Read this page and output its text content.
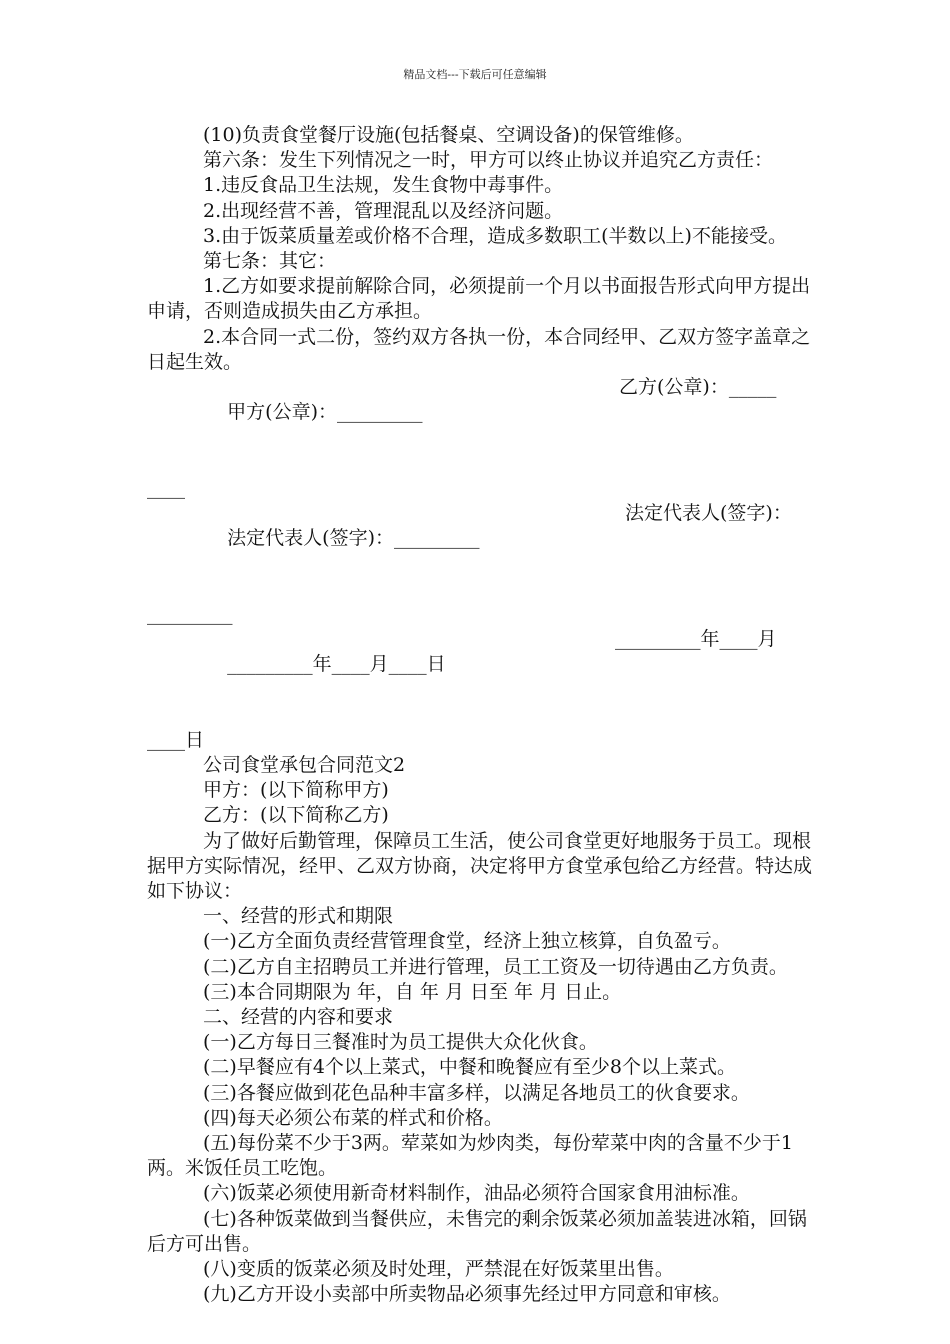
精品文档---下载后可任意编辑

(10)负责食堂餐厅设施(包括餐桌、空调设备)的保管维修。

第六条：发生下列情况之一时，甲方可以终止协议并追究乙方责任：

1.违反食品卫生法规，发生食物中毒事件。

2.出现经营不善，管理混乱以及经济问题。

3.由于饭菜质量差或价格不合理，造成多数职工(半数以上)不能接受。

第七条：其它：

1.乙方如要求提前解除合同，必须提前一个月以书面报告形式向甲方提出申请，否则造成损失由乙方承担。

2.本合同一式二份，签约双方各执一份，本合同经甲、乙双方签字盖章之日起生效。

甲方(公章)：_________

乙方(公章)：_____

____

法定代表人(签字)：_________

法定代表人(签字)：

_________

_________年____月____日

_________年____月

____日

公司食堂承包合同范文2

甲方：(以下简称甲方)

乙方：(以下简称乙方)

为了做好后勤管理，保障员工生活，使公司食堂更好地服务于员工。现根据甲方实际情况，经甲、乙双方协商，决定将甲方食堂承包给乙方经营。特达成如下协议：

一、经营的形式和期限

(一)乙方全面负责经营管理食堂，经济上独立核算，自负盈亏。

(二)乙方自主招聘员工并进行管理，员工工资及一切待遇由乙方负责。

(三)本合同期限为 年，自 年 月 日至 年 月 日止。

二、经营的内容和要求

(一)乙方每日三餐准时为员工提供大众化伙食。

(二)早餐应有4个以上菜式，中餐和晚餐应有至少8个以上菜式。

(三)各餐应做到花色品种丰富多样，以满足各地员工的伙食要求。

(四)每天必须公布菜的样式和价格。

(五)每份菜不少于3两。荤菜如为炒肉类，每份荤菜中肉的含量不少于1两。米饭任员工吃饱。

(六)饭菜必须使用新奇材料制作，油品必须符合国家食用油标准。

(七)各种饭菜做到当餐供应，未售完的剩余饭菜必须加盖装进冰箱，回锅后方可出售。

(八)变质的饭菜必须及时处理，严禁混在好饭菜里出售。

(九)乙方开设小卖部中所卖物品必须事先经过甲方同意和审核。
